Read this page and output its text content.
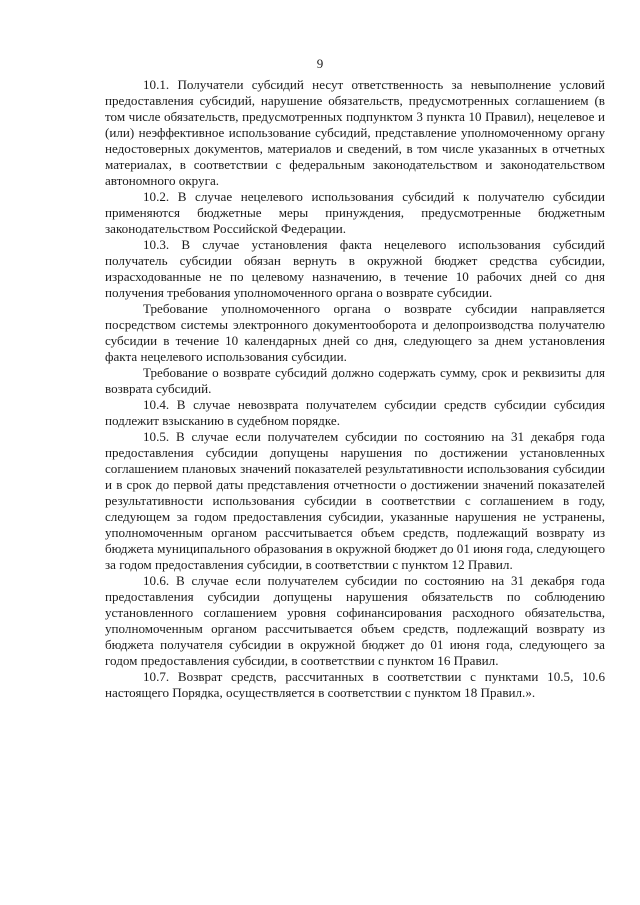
9

10.1. Получатели субсидий несут ответственность за невыполнение условий предоставления субсидий, нарушение обязательств, предусмотренных соглашением (в том числе обязательств, предусмотренных подпунктом 3 пункта 10 Правил), нецелевое и (или) неэффективное использование субсидий, представление уполномоченному органу недостоверных документов, материалов и сведений, в том числе указанных в отчетных материалах, в соответствии с федеральным законодательством и законодательством автономного округа.

10.2. В случае нецелевого использования субсидий к получателю субсидии применяются бюджетные меры принуждения, предусмотренные бюджетным законодательством Российской Федерации.

10.3. В случае установления факта нецелевого использования субсидий получатель субсидии обязан вернуть в окружной бюджет средства субсидии, израсходованные не по целевому назначению, в течение 10 рабочих дней со дня получения требования уполномоченного органа о возврате субсидии.

Требование уполномоченного органа о возврате субсидии направляется посредством системы электронного документооборота и делопроизводства получателю субсидии в течение 10 календарных дней со дня, следующего за днем установления факта нецелевого использования субсидии.

Требование о возврате субсидий должно содержать сумму, срок и реквизиты для возврата субсидий.

10.4. В случае невозврата получателем субсидии средств субсидии субсидия подлежит взысканию в судебном порядке.

10.5. В случае если получателем субсидии по состоянию на 31 декабря года предоставления субсидии допущены нарушения по достижении установленных соглашением плановых значений показателей результативности использования субсидии и в срок до первой даты представления отчетности о достижении значений показателей результативности использования субсидии в соответствии с соглашением в году, следующем за годом предоставления субсидии, указанные нарушения не устранены, уполномоченным органом рассчитывается объем средств, подлежащий возврату из бюджета муниципального образования в окружной бюджет до 01 июня года, следующего за годом предоставления субсидии, в соответствии с пунктом 12 Правил.

10.6. В случае если получателем субсидии по состоянию на 31 декабря года предоставления субсидии допущены нарушения обязательств по соблюдению установленного соглашением уровня софинансирования расходного обязательства, уполномоченным органом рассчитывается объем средств, подлежащий возврату из бюджета получателя субсидии в окружной бюджет до 01 июня года, следующего за годом предоставления субсидии, в соответствии с пунктом 16 Правил.

10.7. Возврат средств, рассчитанных в соответствии с пунктами 10.5, 10.6 настоящего Порядка, осуществляется в соответствии с пунктом 18 Правил.».
